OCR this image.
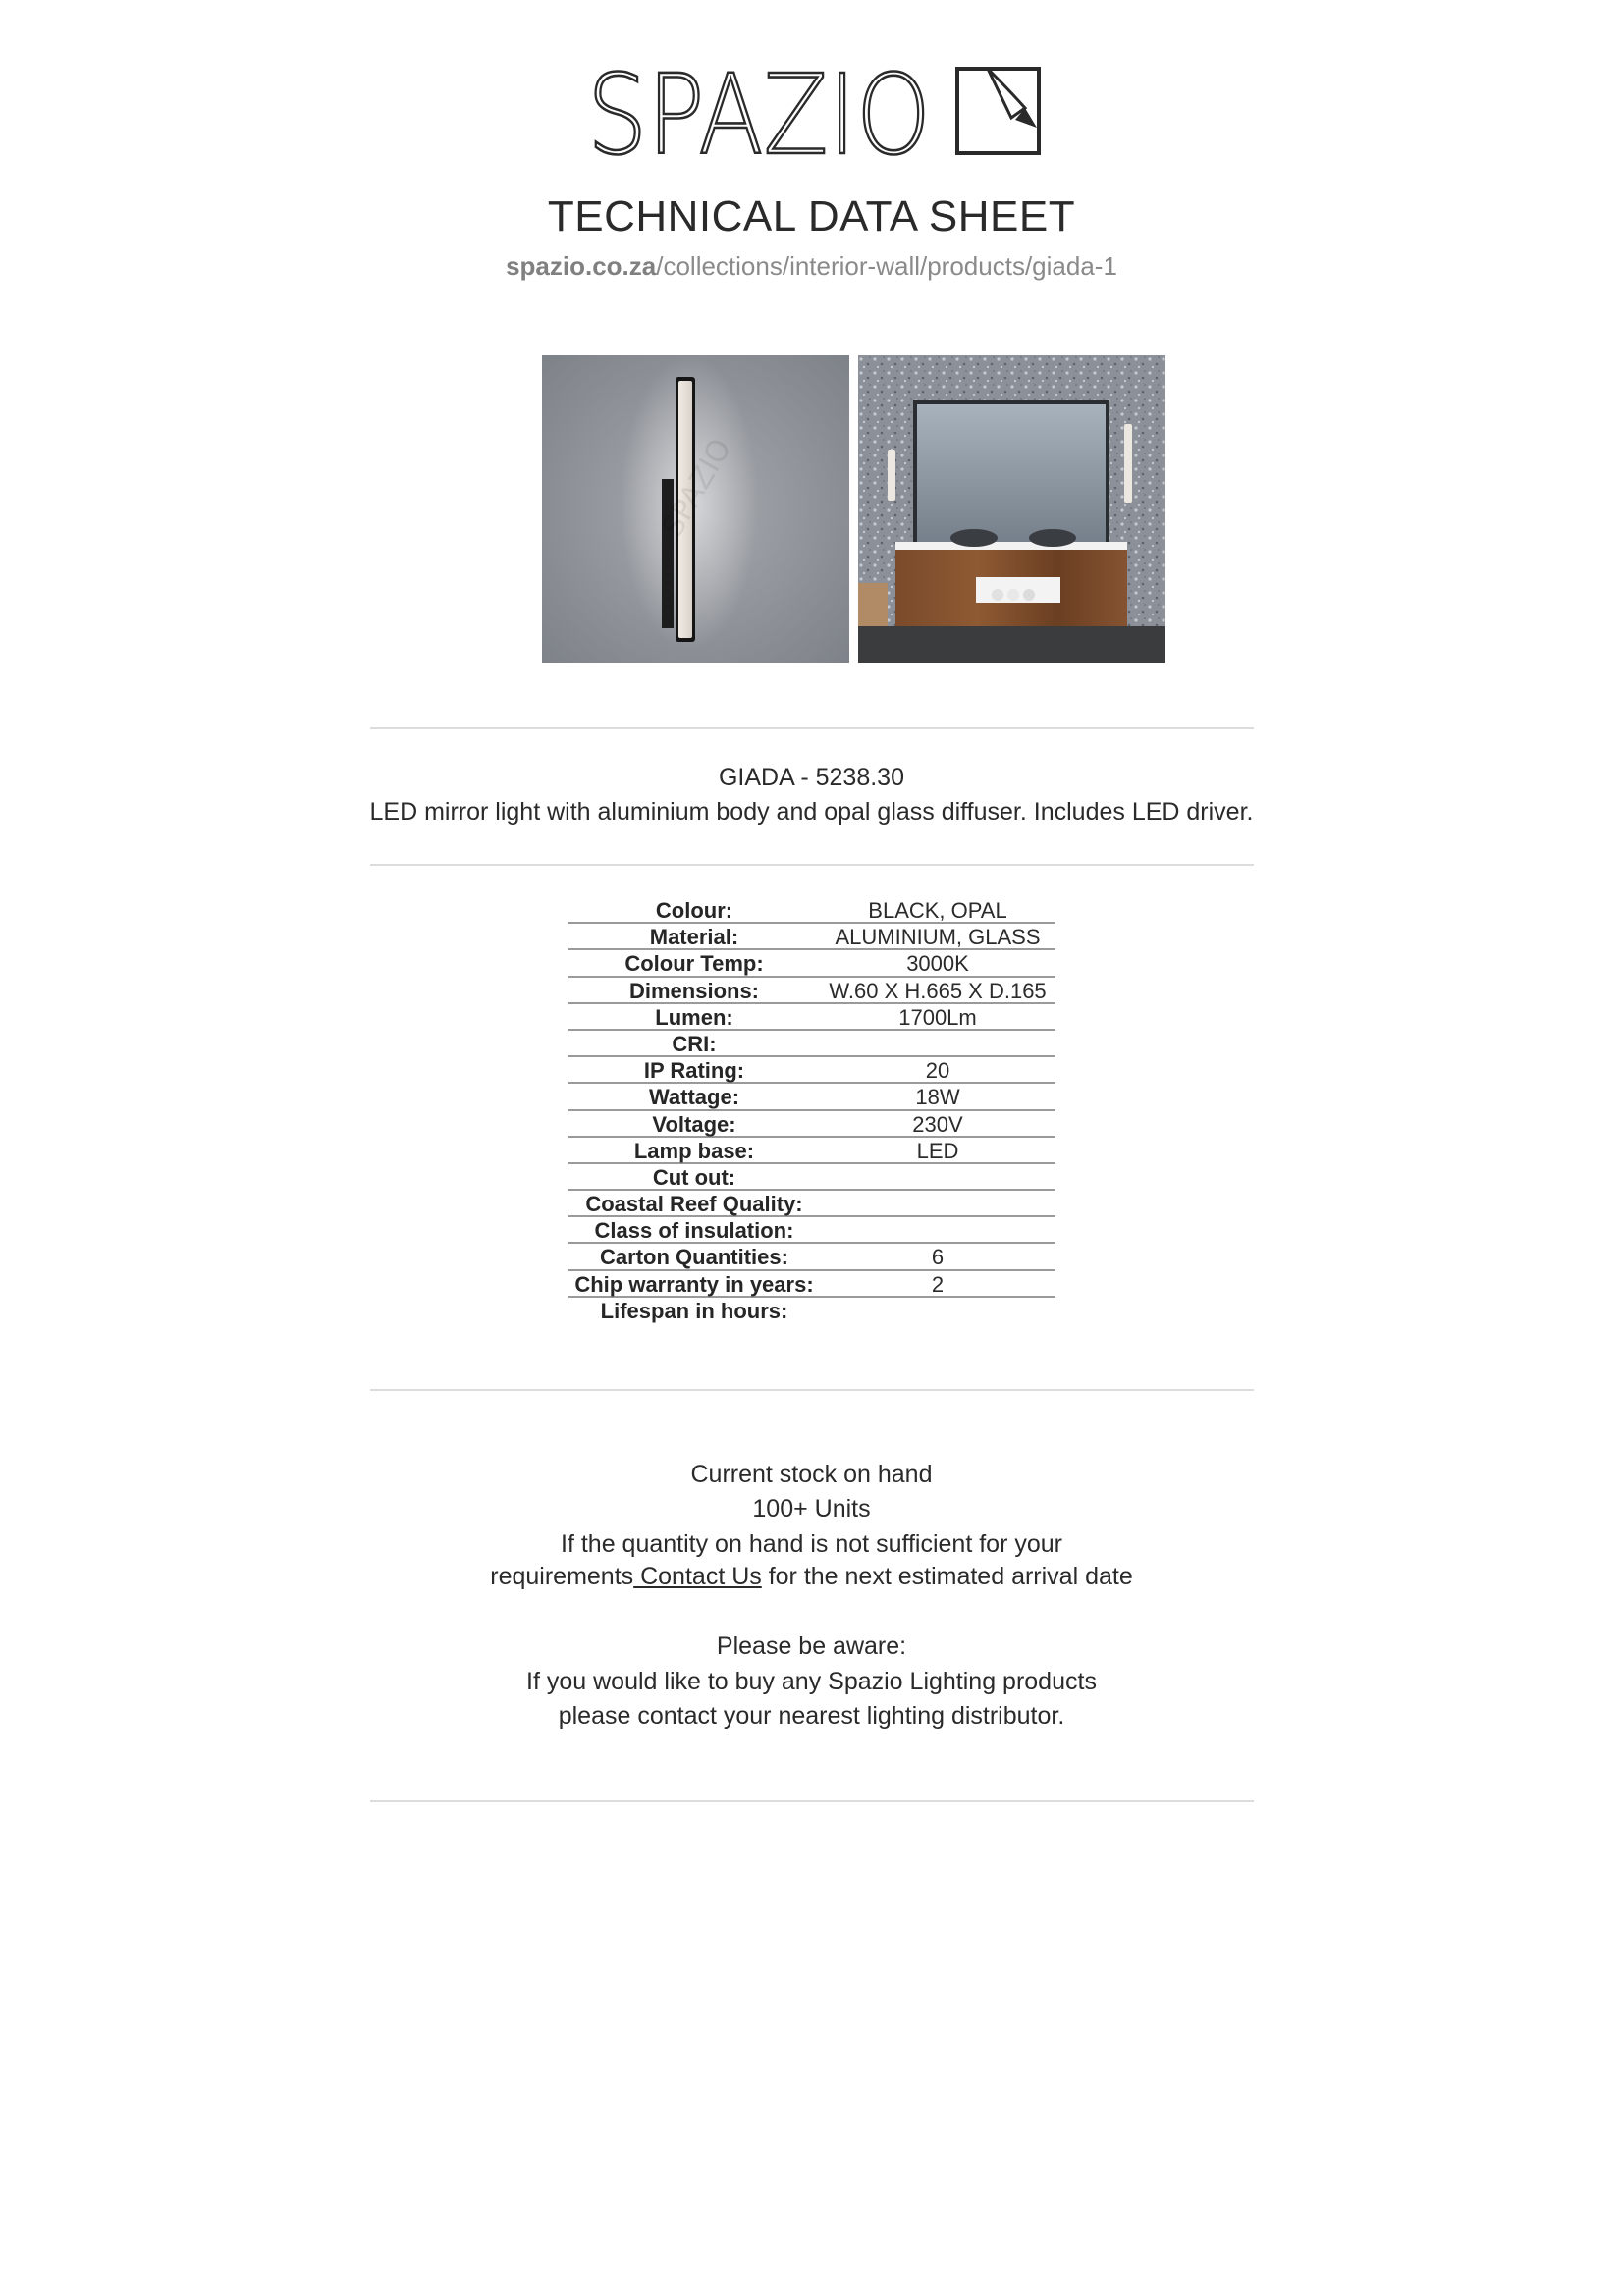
SPAZIO
TECHNICAL DATA SHEET
spazio.co.za/collections/interior-wall/products/giada-1
SPAZIO
GIADA - 5238.30
LED mirror light with aluminium body and opal glass diffuser. Includes LED driver.
Colour:	BLACK, OPAL
Material:	ALUMINIUM, GLASS
Colour Temp:	3000K
Dimensions:	W.60 X H.665 X D.165
Lumen:	1700Lm
CRI:
IP Rating:	20
Wattage:	18W
Voltage:	230V
Lamp base:	LED
Cut out:
Coastal Reef Quality:
Class of insulation:
Carton Quantities:	6
Chip warranty in years:	2
Lifespan in hours:
Current stock on hand
100+ Units
If the quantity on hand is not sufficient for your
requirements Contact Us for the next estimated arrival date
Please be aware:
If you would like to buy any Spazio Lighting products
please contact your nearest lighting distributor.
